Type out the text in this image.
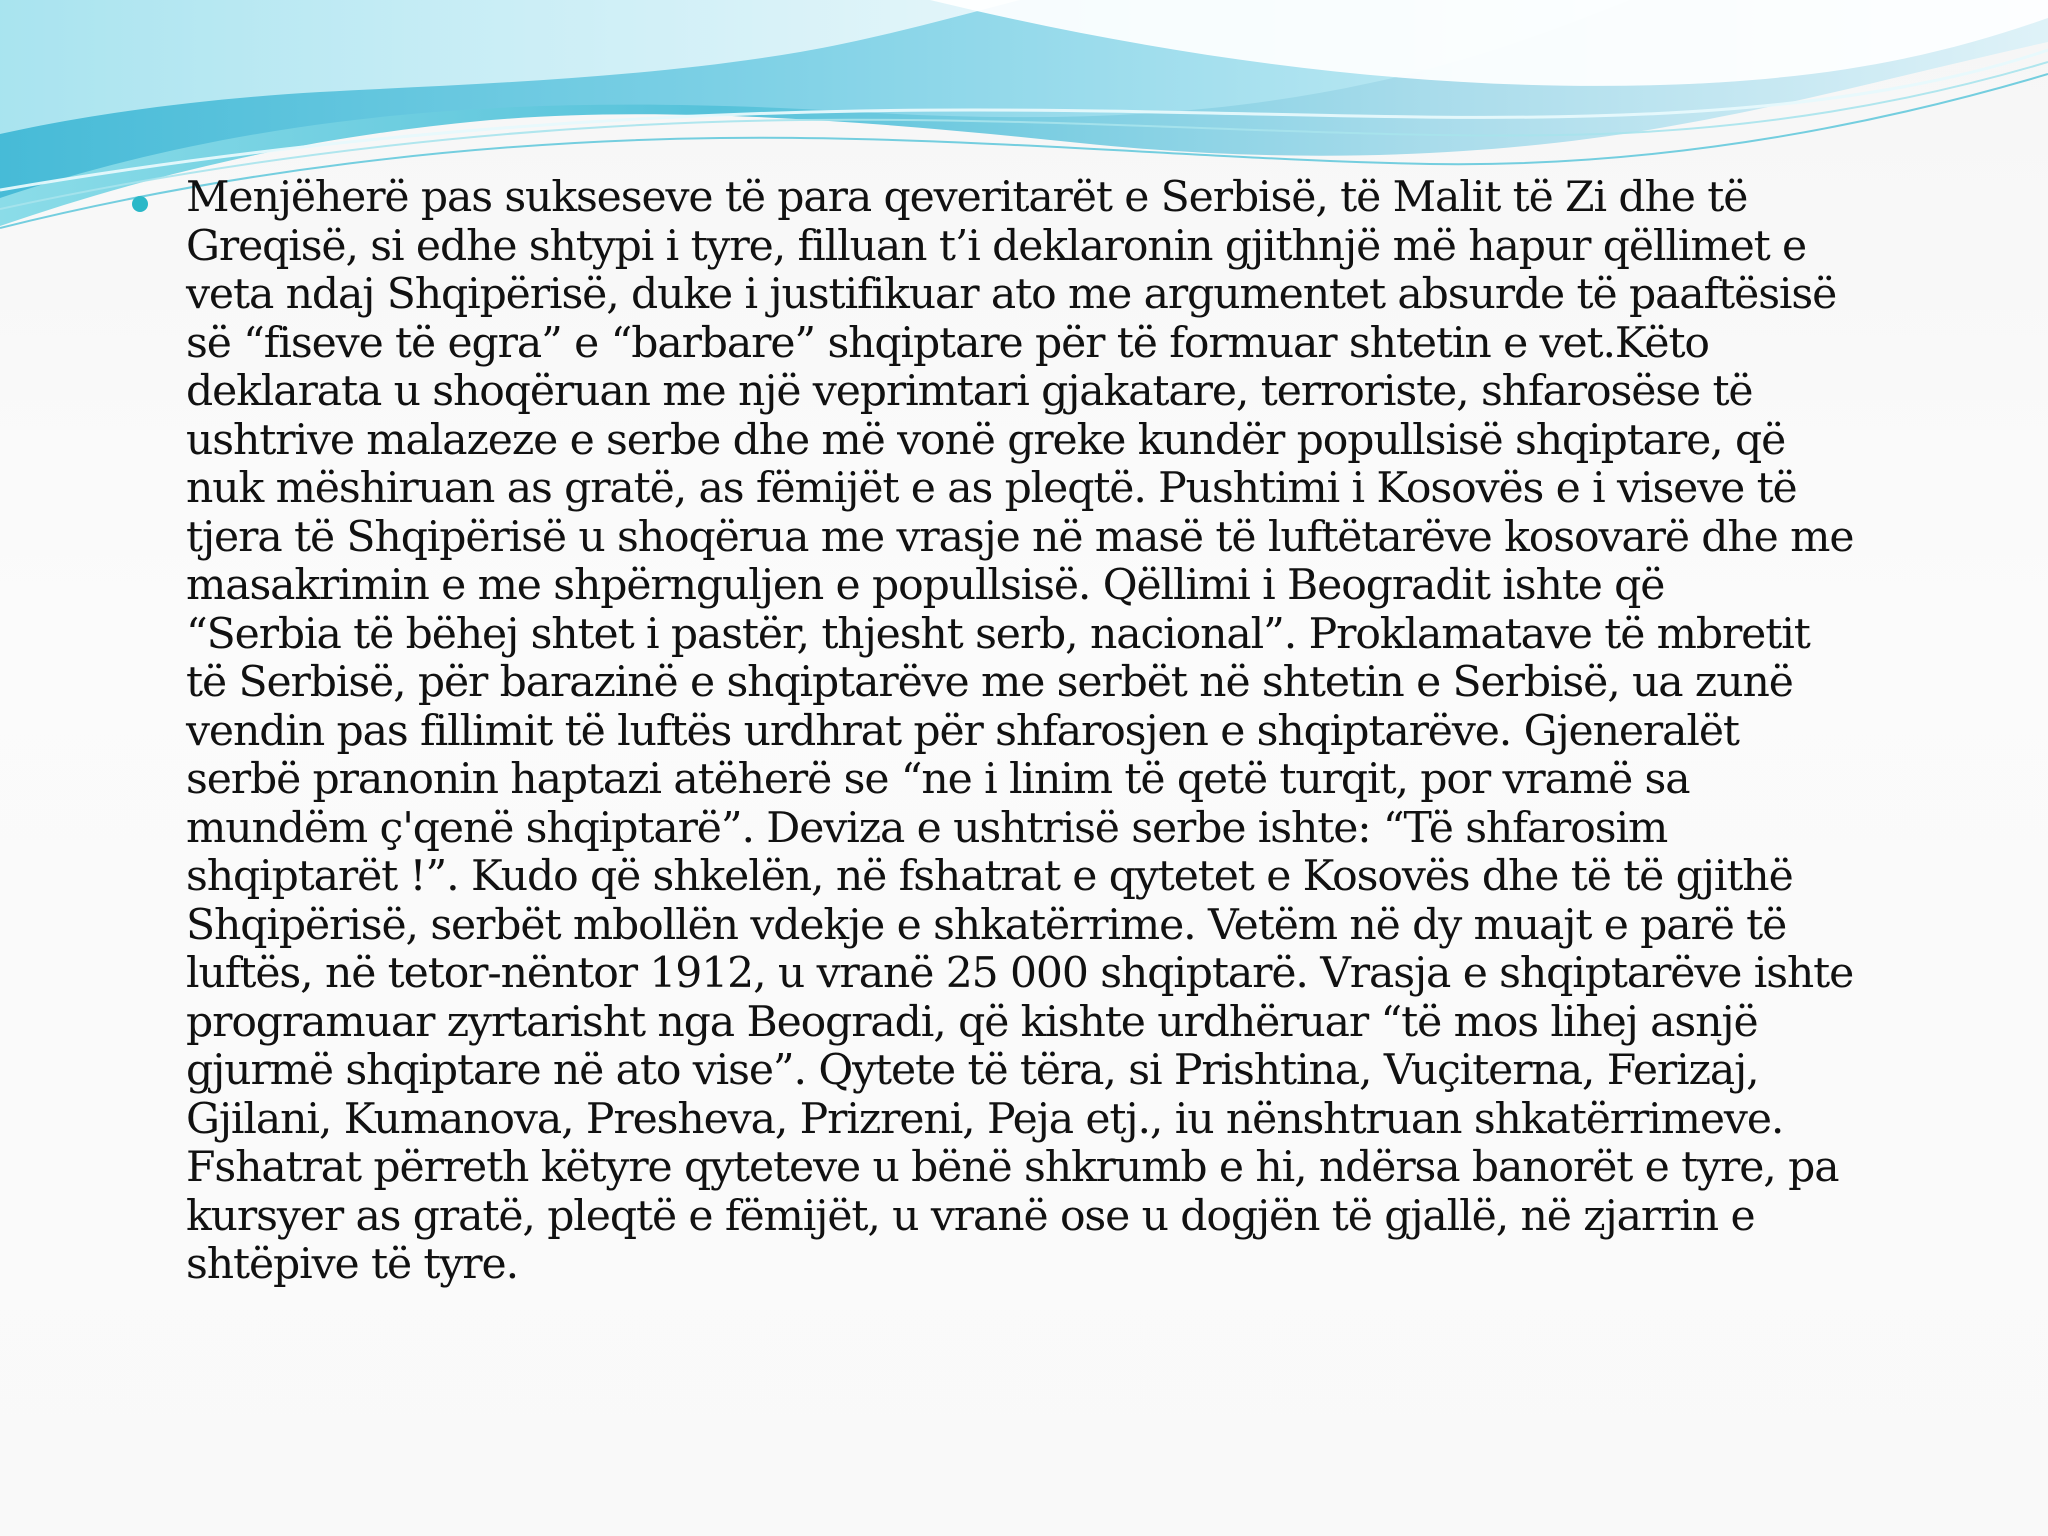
Menjëherë pas sukseseve të para qeveritarët e Serbisë, të Malit të Zi dhe të
Greqisë, si edhe shtypi i tyre, filluan t’i deklaronin gjithnjë më hapur qëllimet e
veta ndaj Shqipërisë, duke i justifikuar ato me argumentet absurde të paaftësisë
së “fiseve të egra” e “barbare” shqiptare për të formuar shtetin e vet.Këto
deklarata u shoqëruan me një veprimtari gjakatare, terroriste, shfarosëse të
ushtrive malazeze e serbe dhe më vonë greke kundër popullsisë shqiptare, që
nuk mëshiruan as gratë, as fëmijët e as pleqtë. Pushtimi i Kosovës e i viseve të
tjera të Shqipërisë u shoqërua me vrasje në masë të luftëtarëve kosovarë dhe me
masakrimin e me shpërnguljen e popullsisë. Qëllimi i Beogradit ishte që
“Serbia të bëhej shtet i pastër, thjesht serb, nacional”. Proklamatave të mbretit
të Serbisë, për barazinë e shqiptarëve me serbët në shtetin e Serbisë, ua zunë
vendin pas fillimit të luftës urdhrat për shfarosjen e shqiptarëve. Gjeneralët
serbë pranonin haptazi atëherë se “ne i linim të qetë turqit, por vramë sa
mundëm ç'qenë shqiptarë”. Deviza e ushtrisë serbe ishte: “Të shfarosim
shqiptarët !”. Kudo që shkelën, në fshatrat e qytetet e Kosovës dhe të të gjithë
Shqipërisë, serbët mbollën vdekje e shkatërrime. Vetëm në dy muajt e parë të
luftës, në tetor-nëntor 1912, u vranë 25 000 shqiptarë. Vrasja e shqiptarëve ishte
programuar zyrtarisht nga Beogradi, që kishte urdhëruar “të mos lihej asnjë
gjurmë shqiptare në ato vise”. Qytete të tëra, si Prishtina, Vuçiterna, Ferizaj,
Gjilani, Kumanova, Presheva, Prizreni, Peja etj., iu nënshtruan shkatërrimeve.
Fshatrat përreth këtyre qyteteve u bënë shkrumb e hi, ndërsa banorët e tyre, pa
kursyer as gratë, pleqtë e fëmijët, u vranë ose u dogjën të gjallë, në zjarrin e
shtëpive të tyre.
